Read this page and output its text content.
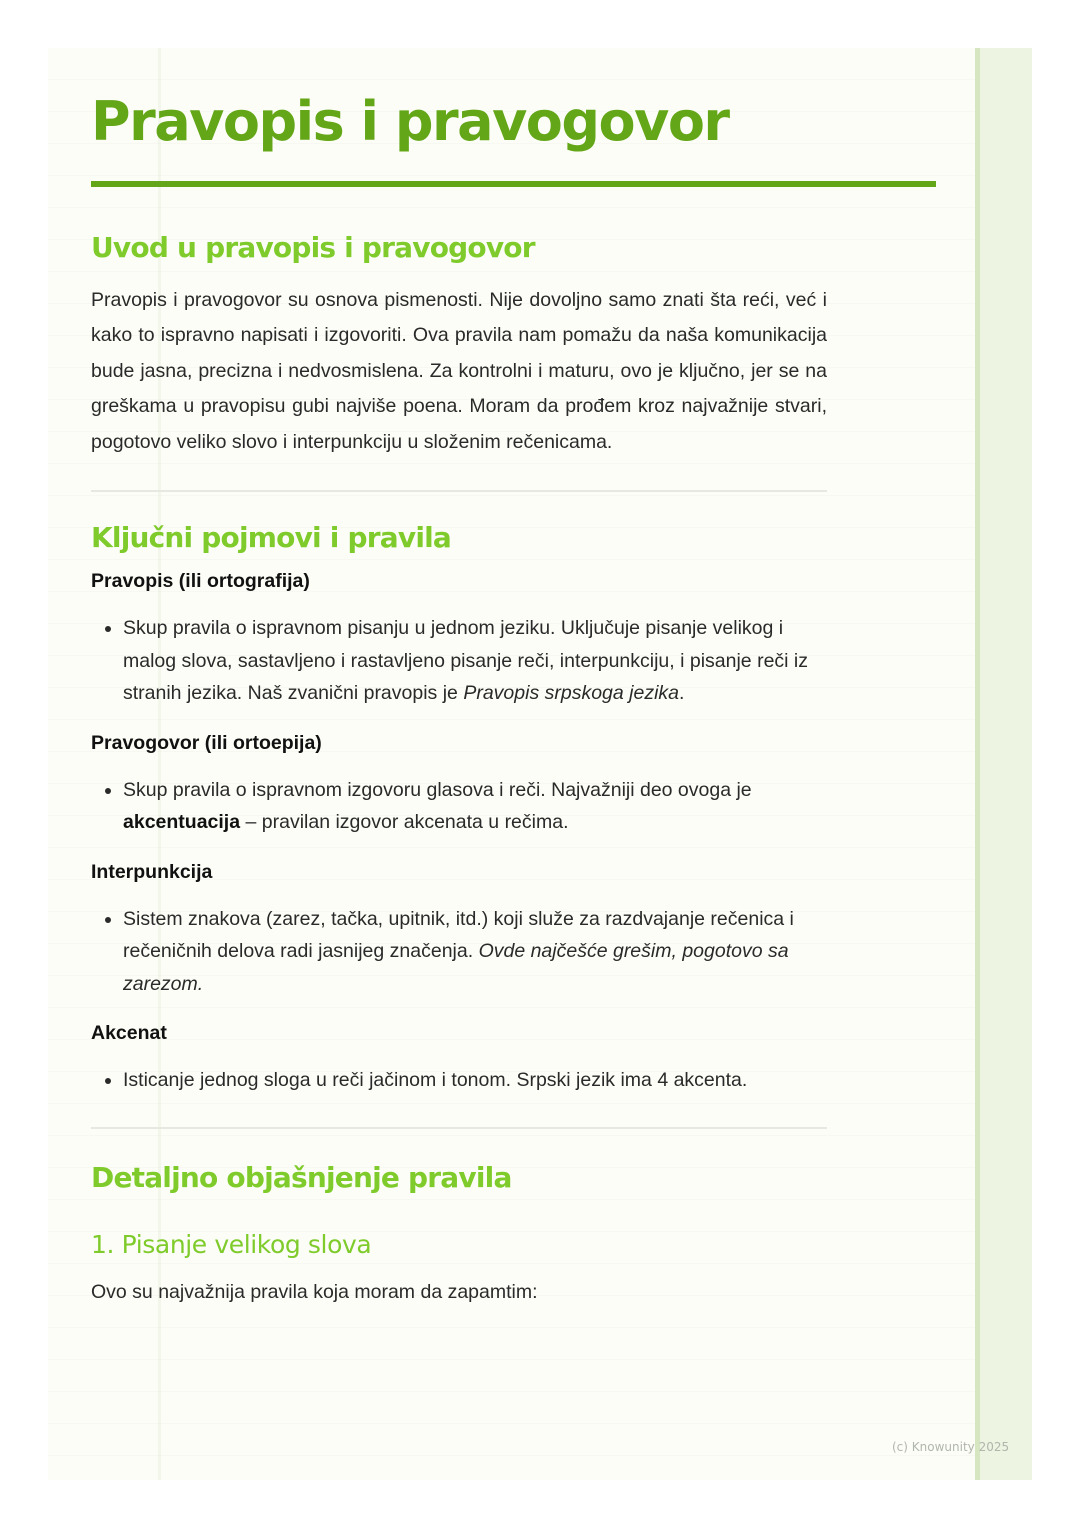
Pravopis i pravogovor
Uvod u pravopis i pravogovor

Pravopis i pravogovor su osnova pismenosti. Nije dovoljno samo znati šta reći, već i kako to ispravno napisati i izgovoriti. Ova pravila nam pomažu da naša komunikacija bude jasna, precizna i nedvosmislena. Za kontrolni i maturu, ovo je ključno, jer se na greškama u pravopisu gubi najviše poena. Moram da prođem kroz najvažnije stvari, pogotovo veliko slovo i interpunkciju u složenim rečenicama.

Ključni pojmovi i pravila

Pravopis (ili ortografija)

• Skup pravila o ispravnom pisanju u jednom jeziku. Uključuje pisanje velikog i malog slova, sastavljeno i rastavljeno pisanje reči, interpunkciju, i pisanje reči iz stranih jezika. Naš zvanični pravopis je Pravopis srpskoga jezika.

Pravogovor (ili ortoepija)

• Skup pravila o ispravnom izgovoru glasova i reči. Najvažniji deo ovoga je akcentuacija – pravilan izgovor akcenata u rečima.

Interpunkcija

• Sistem znakova (zarez, tačka, upitnik, itd.) koji služe za razdvajanje rečenica i rečeničnih delova radi jasnijeg značenja. Ovde najčešće grešim, pogotovo sa zarezom.

Akcenat

• Isticanje jednog sloga u reči jačinom i tonom. Srpski jezik ima 4 akcenta.
Detaljno objašnjenje pravila
1. Pisanje velikog slova

Ovo su najvažnija pravila koja moram da zapamtim:

(c) Knowunity 2025
